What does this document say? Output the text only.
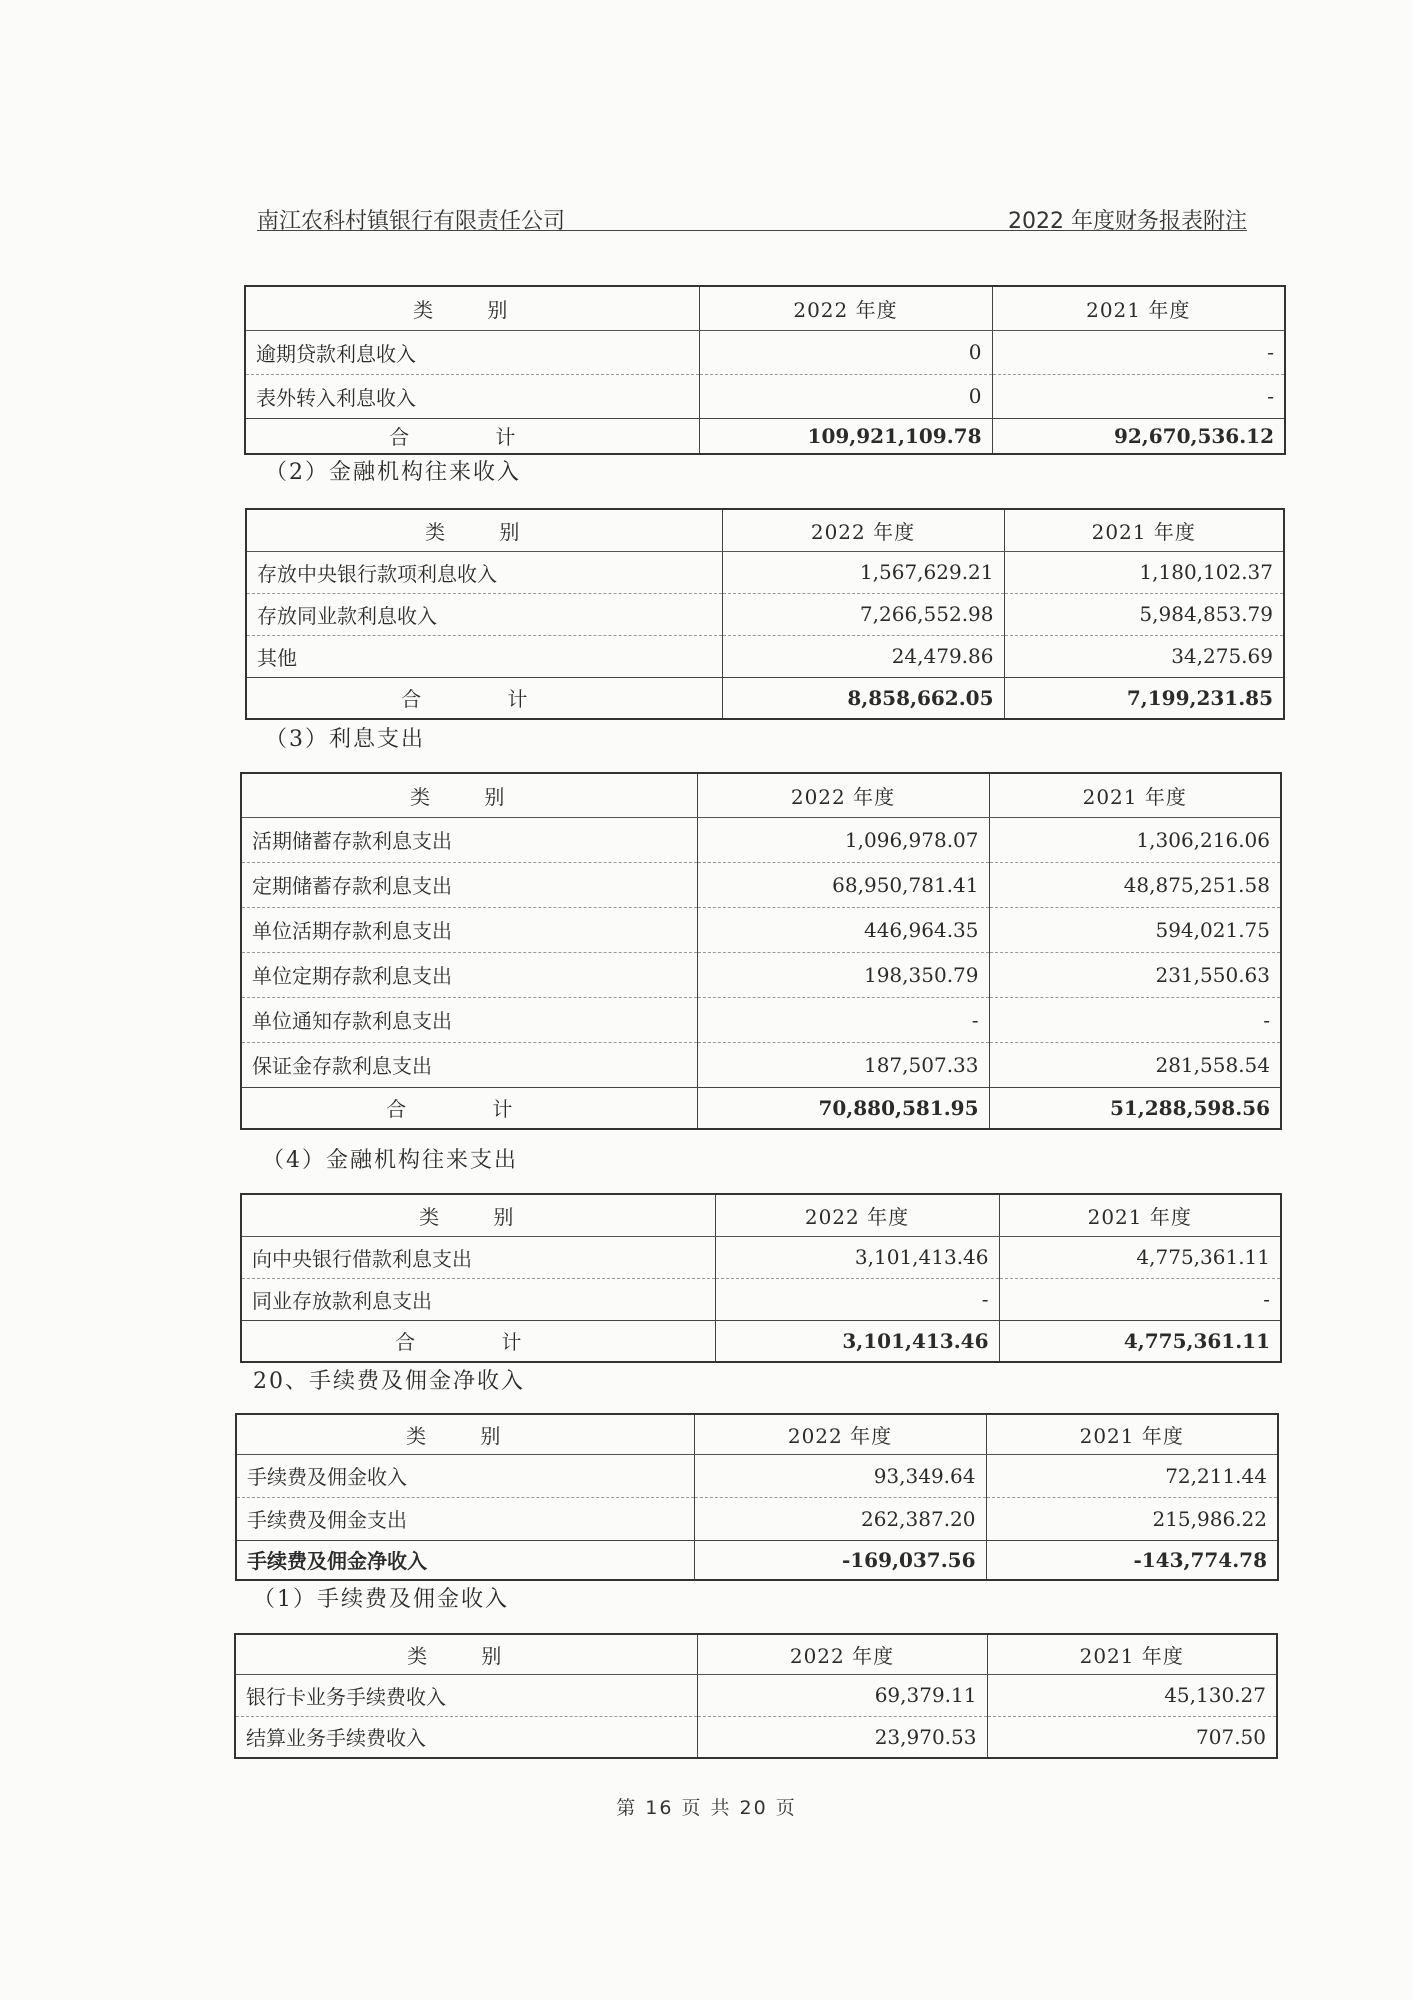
南江农科村镇银行有限责任公司	2022 年度财务报表附注
类 别	2022 年度	2021 年度
逾期贷款利息收入	0	-
表外转入利息收入	0	-
合 计	109,921,109.78	92,670,536.12
（2）金融机构往来收入
类 别	2022 年度	2021 年度
存放中央银行款项利息收入	1,567,629.21	1,180,102.37
存放同业款利息收入	7,266,552.98	5,984,853.79
其他	24,479.86	34,275.69
合 计	8,858,662.05	7,199,231.85
（3）利息支出
类 别	2022 年度	2021 年度
活期储蓄存款利息支出	1,096,978.07	1,306,216.06
定期储蓄存款利息支出	68,950,781.41	48,875,251.58
单位活期存款利息支出	446,964.35	594,021.75
单位定期存款利息支出	198,350.79	231,550.63
单位通知存款利息支出	-	-
保证金存款利息支出	187,507.33	281,558.54
合 计	70,880,581.95	51,288,598.56
（4）金融机构往来支出
类 别	2022 年度	2021 年度
向中央银行借款利息支出	3,101,413.46	4,775,361.11
同业存放款利息支出	-	-
合 计	3,101,413.46	4,775,361.11
20、手续费及佣金净收入
类 别	2022 年度	2021 年度
手续费及佣金收入	93,349.64	72,211.44
手续费及佣金支出	262,387.20	215,986.22
手续费及佣金净收入	-169,037.56	-143,774.78
（1）手续费及佣金收入
类 别	2022 年度	2021 年度
银行卡业务手续费收入	69,379.11	45,130.27
结算业务手续费收入	23,970.53	707.50
第 16 页 共 20 页
